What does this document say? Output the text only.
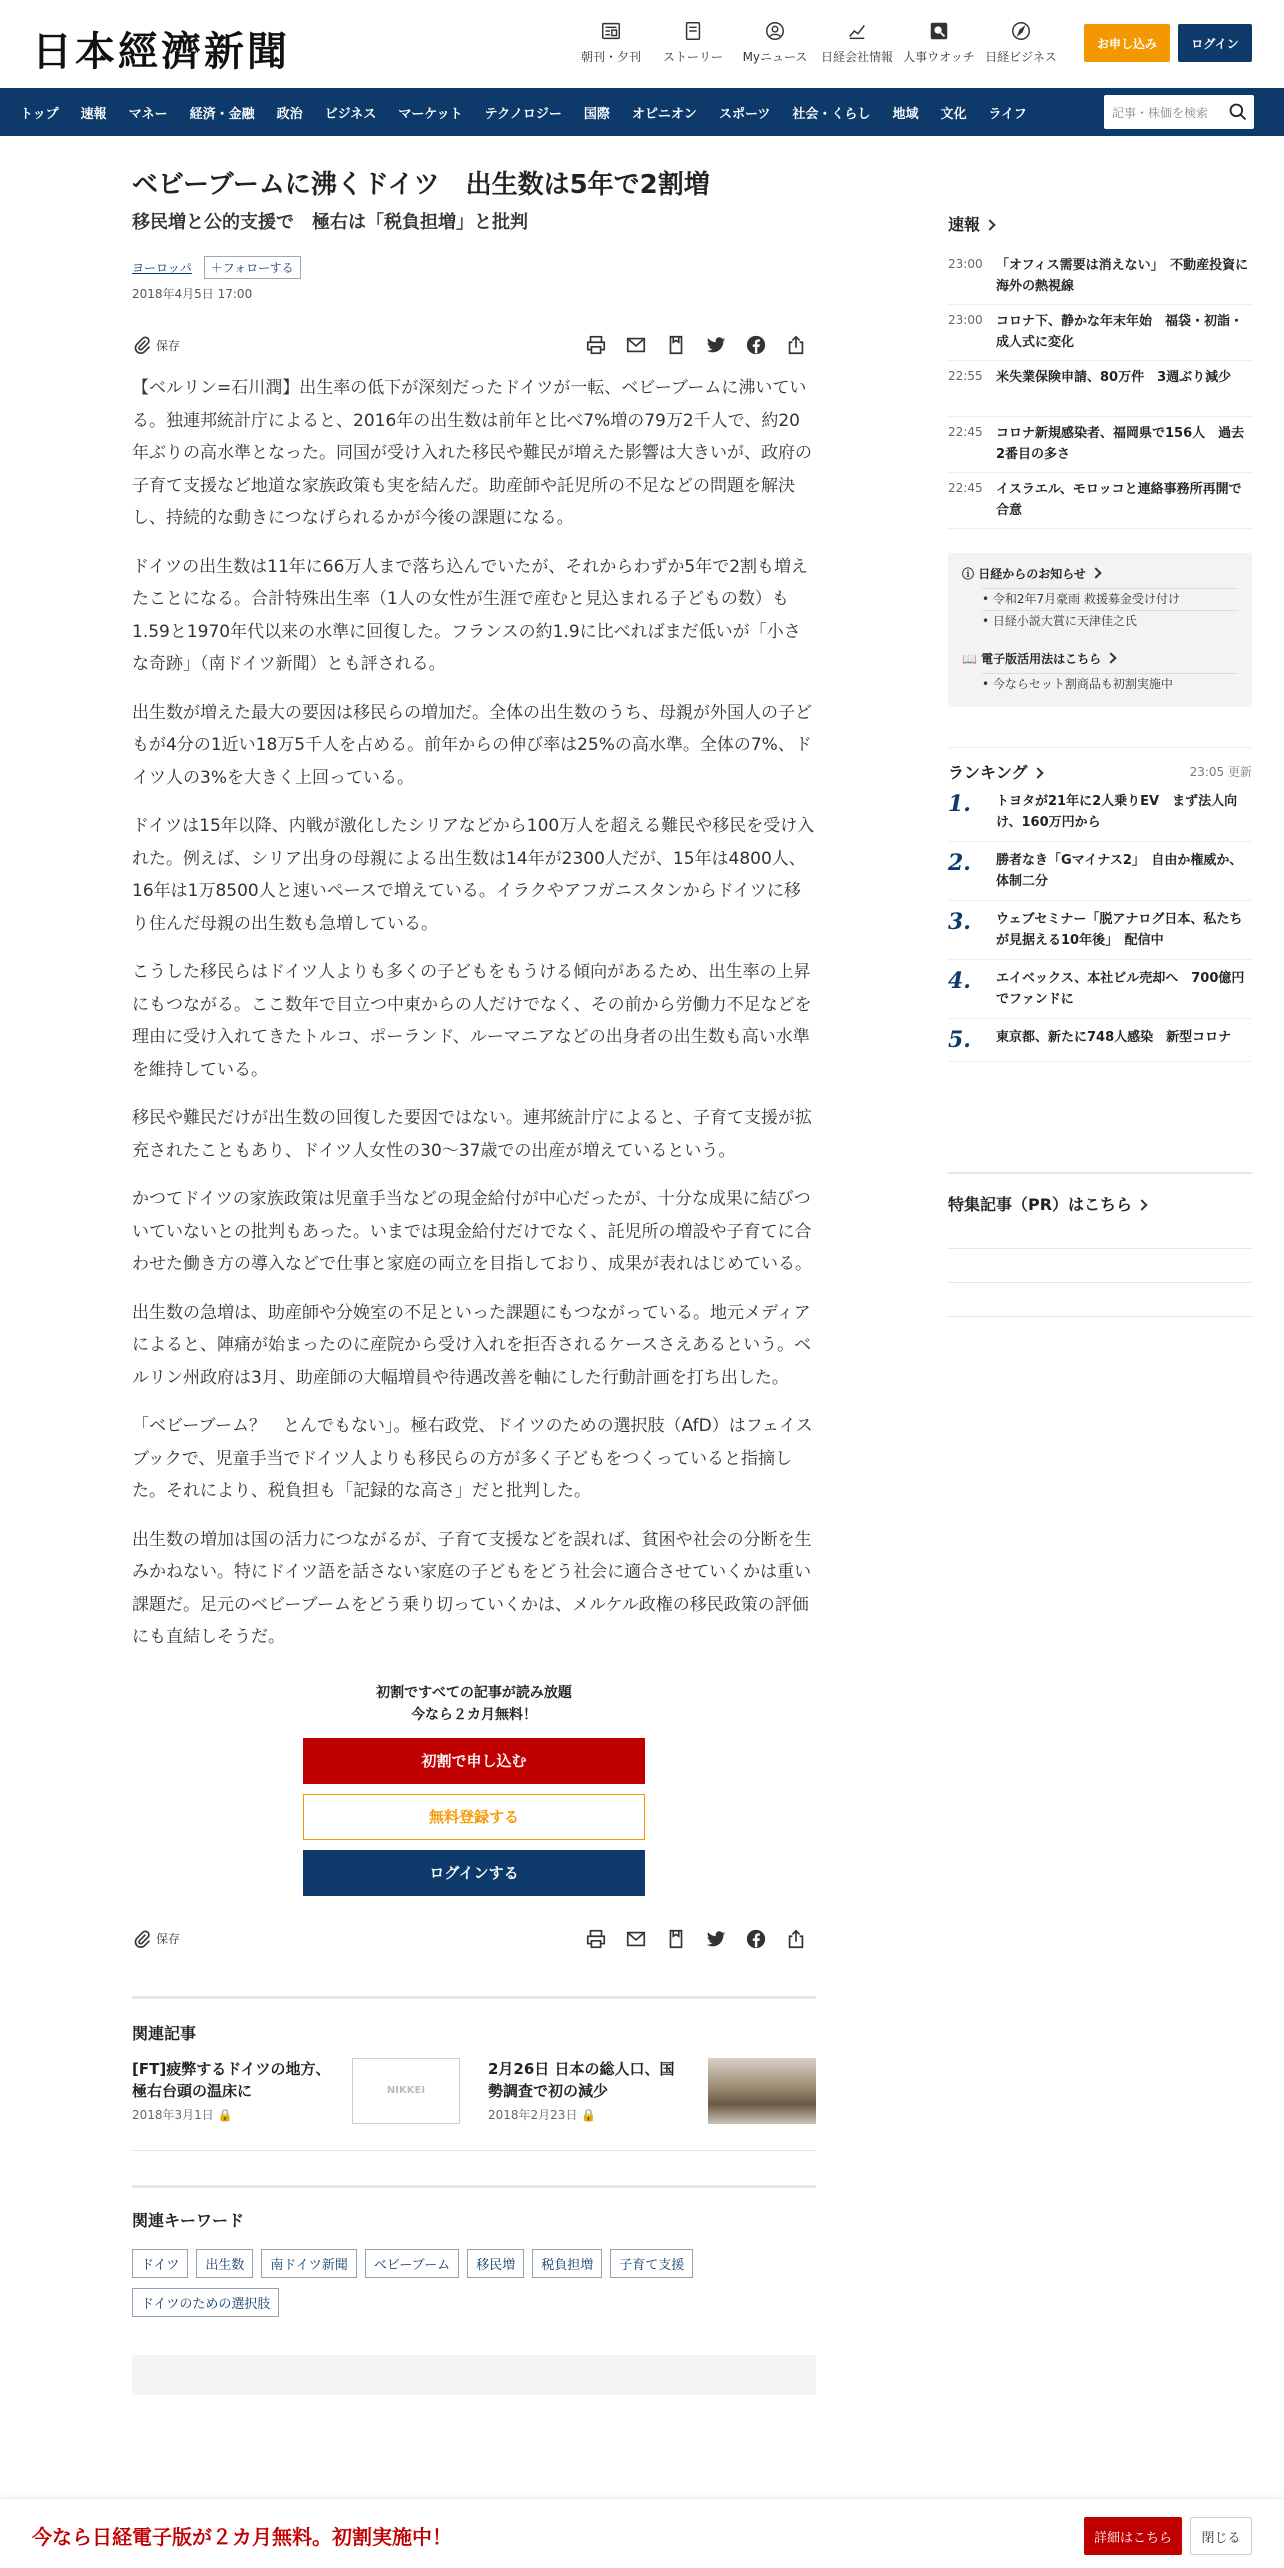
日本經濟新聞	朝刊・夕刊 ストーリー Myニュース 日経会社情報 人事ウオッチ 日経ビジネス
お申し込み	ログイン
トップ 速報 マネー 経済・金融 政治 ビジネス マーケット テクノロジー 国際 オピニオン スポーツ 社会・くらし 地域 文化 ライフ	記事・株価を検索
ベビーブームに沸くドイツ　出生数は5年で2割増
移民増と公的支援で　極右は「税負担増」と批判
ヨーロッパ	＋フォローする
2018年4月5日 17:00
保存

【ベルリン=石川潤】出生率の低下が深刻だったドイツが一転、ベビーブームに沸いている。独連邦統計庁によると、2016年の出生数は前年と比べ7%増の79万2千人で、約20年ぶりの高水準となった。同国が受け入れた移民や難民が増えた影響は大きいが、政府の子育て支援など地道な家族政策も実を結んだ。助産師や託児所の不足などの問題を解決し、持続的な動きにつなげられるかが今後の課題になる。

ドイツの出生数は11年に66万人まで落ち込んでいたが、それからわずか5年で2割も増えたことになる。合計特殊出生率（1人の女性が生涯で産むと見込まれる子どもの数）も1.59と1970年代以来の水準に回復した。フランスの約1.9に比べればまだ低いが「小さな奇跡」（南ドイツ新聞）とも評される。

出生数が増えた最大の要因は移民らの増加だ。全体の出生数のうち、母親が外国人の子どもが4分の1近い18万5千人を占める。前年からの伸び率は25%の高水準。全体の7%、ドイツ人の3%を大きく上回っている。

ドイツは15年以降、内戦が激化したシリアなどから100万人を超える難民や移民を受け入れた。例えば、シリア出身の母親による出生数は14年が2300人だが、15年は4800人、16年は1万8500人と速いペースで増えている。イラクやアフガニスタンからドイツに移り住んだ母親の出生数も急増している。

こうした移民らはドイツ人よりも多くの子どもをもうける傾向があるため、出生率の上昇にもつながる。ここ数年で目立つ中東からの人だけでなく、その前から労働力不足などを理由に受け入れてきたトルコ、ポーランド、ルーマニアなどの出身者の出生数も高い水準を維持している。

移民や難民だけが出生数の回復した要因ではない。連邦統計庁によると、子育て支援が拡充されたこともあり、ドイツ人女性の30～37歳での出産が増えているという。

かつてドイツの家族政策は児童手当などの現金給付が中心だったが、十分な成果に結びついていないとの批判もあった。いまでは現金給付だけでなく、託児所の増設や子育てに合わせた働き方の導入などで仕事と家庭の両立を目指しており、成果が表れはじめている。

出生数の急増は、助産師や分娩室の不足といった課題にもつながっている。地元メディアによると、陣痛が始まったのに産院から受け入れを拒否されるケースさえあるという。ベルリン州政府は3月、助産師の大幅増員や待遇改善を軸にした行動計画を打ち出した。

「ベビーブーム？　とんでもない」。極右政党、ドイツのための選択肢（AfD）はフェイスブックで、児童手当でドイツ人よりも移民らの方が多く子どもをつくっていると指摘した。それにより、税負担も「記録的な高さ」だと批判した。

出生数の増加は国の活力につながるが、子育て支援などを誤れば、貧困や社会の分断を生みかねない。特にドイツ語を話さない家庭の子どもをどう社会に適合させていくかは重い課題だ。足元のベビーブームをどう乗り切っていくかは、メルケル政権の移民政策の評価にも直結しそうだ。

初割ですべての記事が読み放題
今なら２カ月無料！
初割で申し込む
無料登録する
ログインする
保存
関連記事
[FT]疲弊するドイツの地方、極右台頭の温床に
2018年3月1日 🔒
NIKKEI
2月26日 日本の総人口、国勢調査で初の減少
2018年2月23日 🔒
関連キーワード
ドイツ	出生数	南ドイツ新聞	ベビーブーム	移民増	税負担増	子育て支援
ドイツのための選択肢
速報
23:00	「オフィス需要は消えない」　不動産投資に海外の熱視線
23:00	コロナ下、静かな年末年始　福袋・初詣・成人式に変化
22:55	米失業保険申請、80万件　3週ぶり減少
22:45	コロナ新規感染者、福岡県で156人　過去2番目の多さ
22:45	イスラエル、モロッコと連絡事務所再開で合意
ⓘ 日経からのお知らせ
• 令和2年7月豪雨 救援募金受け付け
• 日経小説大賞に天津佳之氏
📖 電子版活用法はこちら
• 今ならセット割商品も初割実施中
ランキング	23:05 更新
1.	トヨタが21年に2人乗りEV　まず法人向け、160万円から
2.	勝者なき「Gマイナス2」　自由か権威か、体制二分
3.	ウェブセミナー「脱アナログ日本、私たちが見据える10年後」　配信中
4.	エイベックス、本社ビル売却へ　700億円でファンドに
5.	東京都、新たに748人感染　新型コロナ
特集記事（PR）はこちら
今なら日経電子版が２カ月無料。初割実施中！	詳細はこちら	閉じる
